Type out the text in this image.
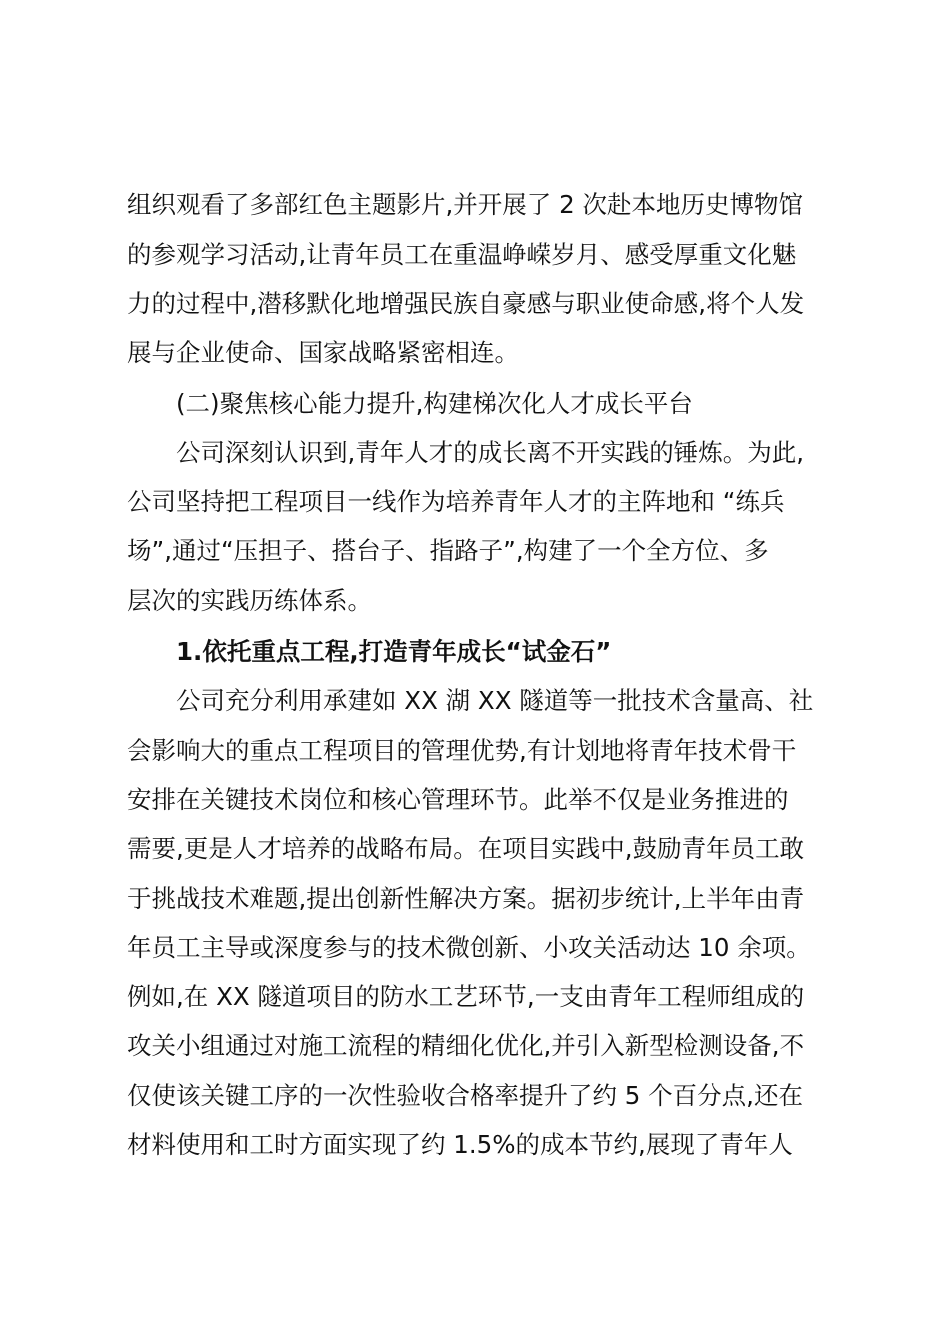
组织观看了多部红色主题影片,并开展了 2 次赴本地历史博物馆
的参观学习活动,让青年员工在重温峥嵘岁月、感受厚重文化魅
力的过程中,潜移默化地增强民族自豪感与职业使命感,将个人发
展与企业使命、国家战略紧密相连。
(二)聚焦核心能力提升,构建梯次化人才成长平台
公司深刻认识到,青年人才的成长离不开实践的锤炼。为此,
公司坚持把工程项目一线作为培养青年人才的主阵地和 “练兵
场”,通过“压担子、搭台子、指路子”,构建了一个全方位、多
层次的实践历练体系。
1.依托重点工程,打造青年成长“试金石”
公司充分利用承建如 XX 湖 XX 隧道等一批技术含量高、社
会影响大的重点工程项目的管理优势,有计划地将青年技术骨干
安排在关键技术岗位和核心管理环节。此举不仅是业务推进的
需要,更是人才培养的战略布局。在项目实践中,鼓励青年员工敢
于挑战技术难题,提出创新性解决方案。据初步统计,上半年由青
年员工主导或深度参与的技术微创新、小攻关活动达 10 余项。
例如,在 XX 隧道项目的防水工艺环节,一支由青年工程师组成的
攻关小组通过对施工流程的精细化优化,并引入新型检测设备,不
仅使该关键工序的一次性验收合格率提升了约 5 个百分点,还在
材料使用和工时方面实现了约 1.5%的成本节约,展现了青年人
